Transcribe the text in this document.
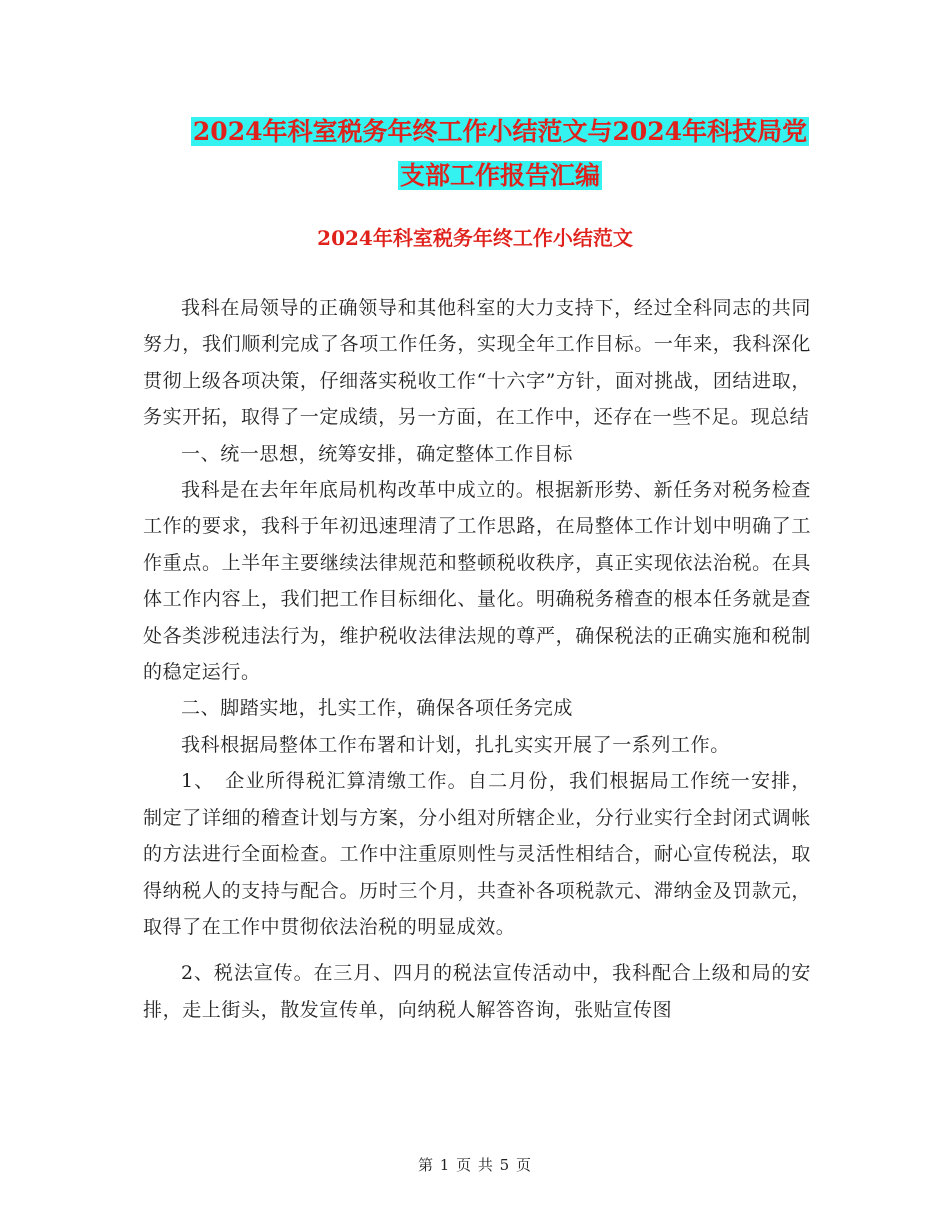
2024年科室税务年终工作小结范文与2024年科技局党
支部工作报告汇编
2024年科室税务年终工作小结范文

我科在局领导的正确领导和其他科室的大力支持下，经过全科同志的共同努力，我们顺利完成了各项工作任务，实现全年工作目标。一年来，我科深化贯彻上级各项决策，仔细落实税收工作“十六字”方针，面对挑战，团结进取，务实开拓，取得了一定成绩，另一方面，在工作中，还存在一些不足。现总结

一、统一思想，统筹安排，确定整体工作目标

我科是在去年年底局机构改革中成立的。根据新形势、新任务对税务检查工作的要求，我科于年初迅速理清了工作思路，在局整体工作计划中明确了工作重点。上半年主要继续法律规范和整顿税收秩序，真正实现依法治税。在具体工作内容上，我们把工作目标细化、量化。明确税务稽查的根本任务就是查处各类涉税违法行为，维护税收法律法规的尊严，确保税法的正确实施和税制的稳定运行。

二、脚踏实地，扎实工作，确保各项任务完成

我科根据局整体工作布署和计划，扎扎实实开展了一系列工作。

1、　企业所得税汇算清缴工作。自二月份，我们根据局工作统一安排，制定了详细的稽查计划与方案，分小组对所辖企业，分行业实行全封闭式调帐的方法进行全面检查。工作中注重原则性与灵活性相结合，耐心宣传税法，取得纳税人的支持与配合。历时三个月，共查补各项税款元、滞纳金及罚款元，取得了在工作中贯彻依法治税的明显成效。

2、税法宣传。在三月、四月的税法宣传活动中，我科配合上级和局的安排，走上街头，散发宣传单，向纳税人解答咨询，张贴宣传图

第 1 页 共 5 页
